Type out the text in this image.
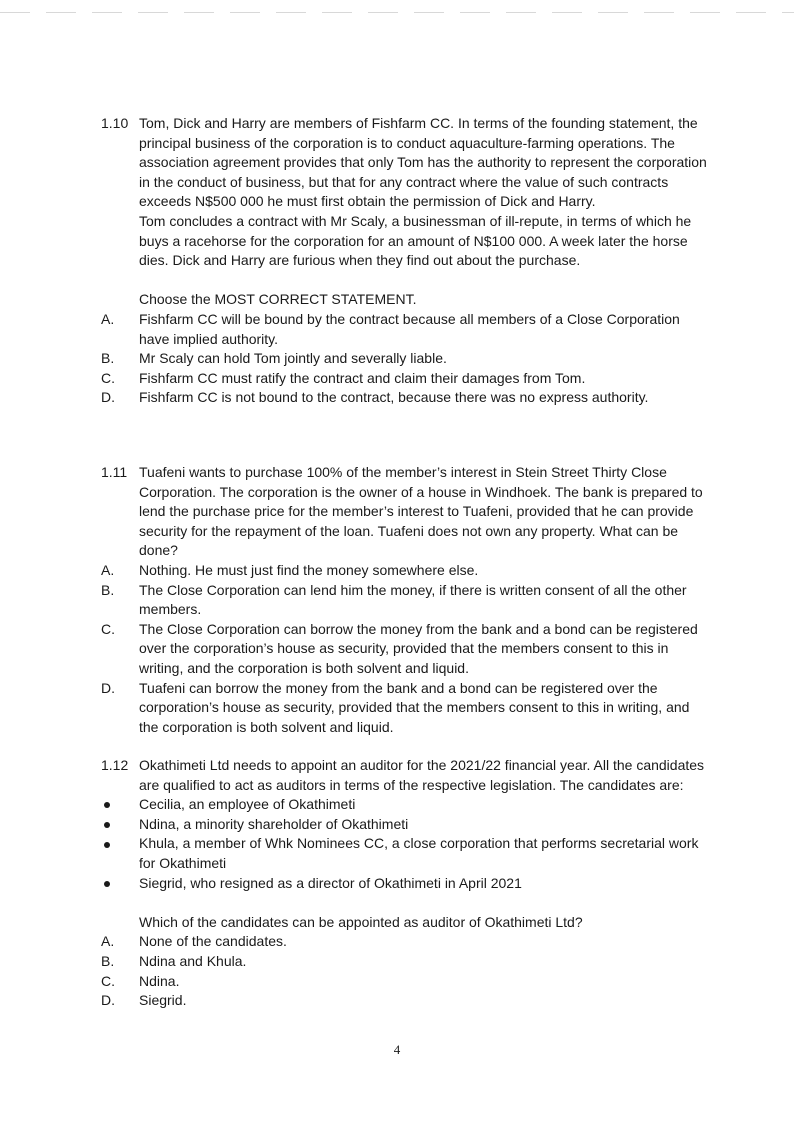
1.10 Tom, Dick and Harry are members of Fishfarm CC. In terms of the founding statement, the principal business of the corporation is to conduct aquaculture-farming operations. The association agreement provides that only Tom has the authority to represent the corporation in the conduct of business, but that for any contract where the value of such contracts exceeds N$500 000 he must first obtain the permission of Dick and Harry.

Tom concludes a contract with Mr Scaly, a businessman of ill-repute, in terms of which he buys a racehorse for the corporation for an amount of N$100 000. A week later the horse dies. Dick and Harry are furious when they find out about the purchase.

Choose the MOST CORRECT STATEMENT.

A.	Fishfarm CC will be bound by the contract because all members of a Close Corporation have implied authority.
B.	Mr Scaly can hold Tom jointly and severally liable.
C.	Fishfarm CC must ratify the contract and claim their damages from Tom.
D.	Fishfarm CC is not bound to the contract, because there was no express authority.
1.11 Tuafeni wants to purchase 100% of the member’s interest in Stein Street Thirty Close Corporation. The corporation is the owner of a house in Windhoek. The bank is prepared to lend the purchase price for the member’s interest to Tuafeni, provided that he can provide security for the repayment of the loan. Tuafeni does not own any property. What can be done?

A.	Nothing. He must just find the money somewhere else.
B.	The Close Corporation can lend him the money, if there is written consent of all the other members.
C.	The Close Corporation can borrow the money from the bank and a bond can be registered over the corporation’s house as security, provided that the members consent to this in writing, and the corporation is both solvent and liquid.
D.	Tuafeni can borrow the money from the bank and a bond can be registered over the corporation’s house as security, provided that the members consent to this in writing, and the corporation is both solvent and liquid.
1.12 Okathimeti Ltd needs to appoint an auditor for the 2021/22 financial year. All the candidates are qualified to act as auditors in terms of the respective legislation. The candidates are:

Cecilia, an employee of Okathimeti
Ndina, a minority shareholder of Okathimeti
Khula, a member of Whk Nominees CC, a close corporation that performs secretarial work for Okathimeti
Siegrid, who resigned as a director of Okathimeti in April 2021

Which of the candidates can be appointed as auditor of Okathimeti Ltd?

A.	None of the candidates.
B.	Ndina and Khula.
C.	Ndina.
D.	Siegrid.
4
